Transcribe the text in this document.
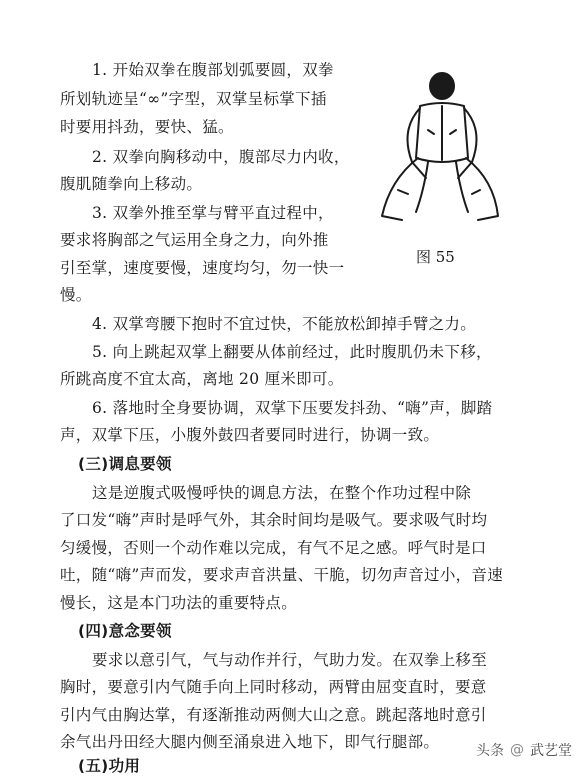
1. 开始双拳在腹部划弧要圆，双拳
所划轨迹呈“∞”字型，双掌呈标掌下插
时要用抖劲，要快、猛。
2. 双拳向胸移动中，腹部尽力内收，
腹肌随拳向上移动。
3. 双拳外推至掌与臂平直过程中，
要求将胸部之气运用全身之力，向外推
引至掌，速度要慢，速度均匀，勿一快一
慢。
图 55
4. 双掌弯腰下抱时不宜过快，不能放松卸掉手臂之力。
5. 向上跳起双掌上翻要从体前经过，此时腹肌仍未下移，
所跳高度不宜太高，离地 20 厘米即可。
6. 落地时全身要协调，双掌下压要发抖劲、“嗨”声，脚踏
声，双掌下压，小腹外鼓四者要同时进行，协调一致。
(三)调息要领
这是逆腹式吸慢呼快的调息方法，在整个作功过程中除
了口发“嗨”声时是呼气外，其余时间均是吸气。要求吸气时均
匀缓慢，否则一个动作难以完成，有气不足之感。呼气时是口
吐，随“嗨”声而发，要求声音洪量、干脆，切勿声音过小，音速
慢长，这是本门功法的重要特点。
(四)意念要领
要求以意引气，气与动作并行，气助力发。在双拳上移至
胸时，要意引内气随手向上同时移动，两臂由屈变直时，要意
引内气由胸达掌，有逐渐推动两侧大山之意。跳起落地时意引
余气出丹田经大腿内侧至涌泉进入地下，即气行腿部。
(五)功用
头条 @ 武艺堂
